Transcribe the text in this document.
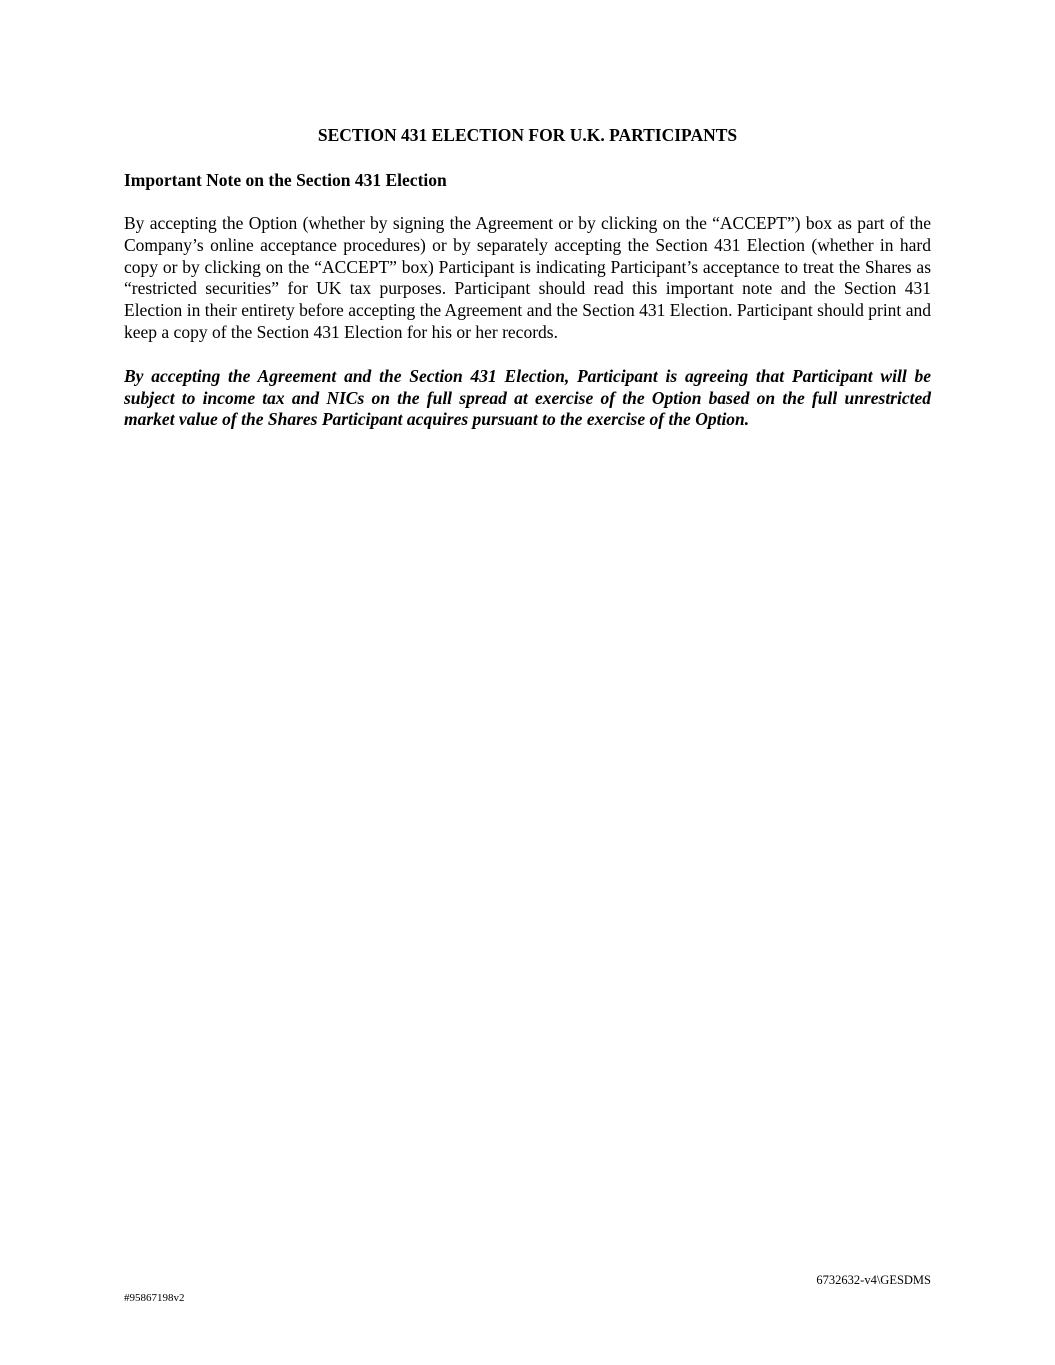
SECTION 431 ELECTION FOR U.K. PARTICIPANTS

Important Note on the Section 431 Election

By accepting the Option (whether by signing the Agreement or by clicking on the “ACCEPT”) box as part of the Company’s online acceptance procedures) or by separately accepting the Section 431 Election (whether in hard copy or by clicking on the “ACCEPT” box) Participant is indicating Participant’s acceptance to treat the Shares as “restricted securities” for UK tax purposes. Participant should read this important note and the Section 431 Election in their entirety before accepting the Agreement and the Section 431 Election. Participant should print and keep a copy of the Section 431 Election for his or her records.

By accepting the Agreement and the Section 431 Election, Participant is agreeing that Participant will be subject to income tax and NICs on the full spread at exercise of the Option based on the full unrestricted market value of the Shares Participant acquires pursuant to the exercise of the Option.

6732632-v4\GESDMS
#95867198v2
